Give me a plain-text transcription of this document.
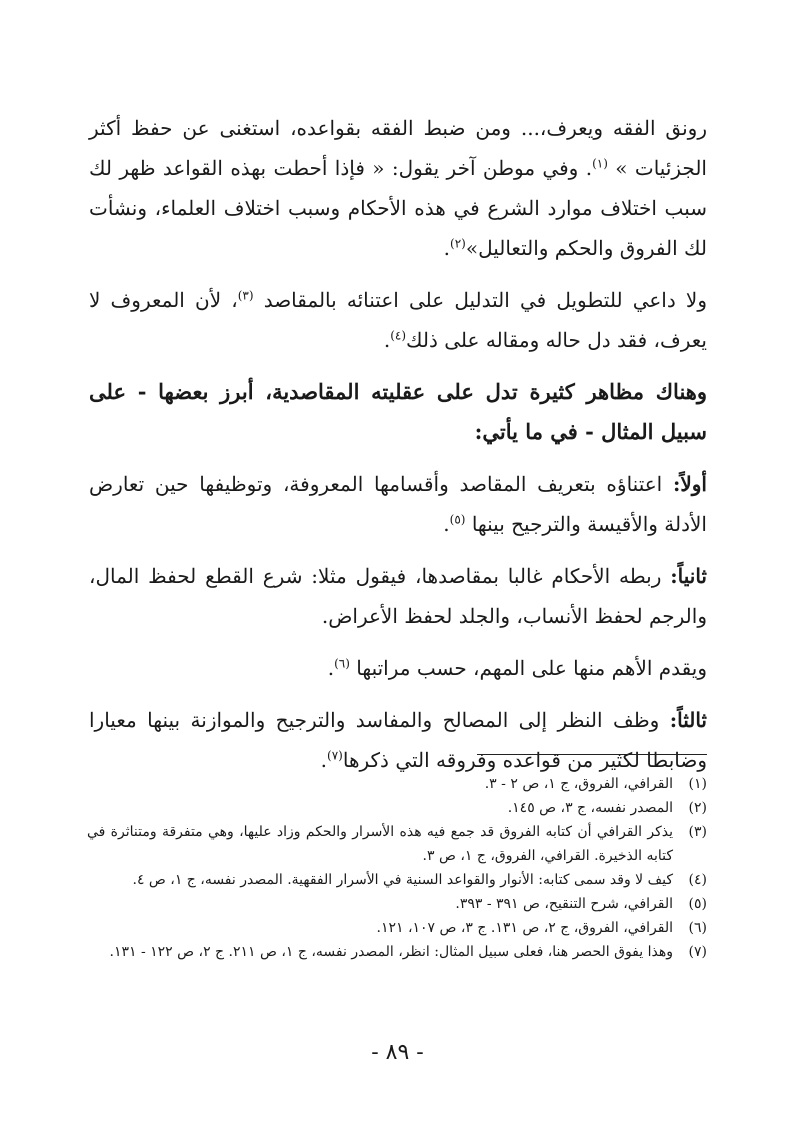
رونق الفقه ويعرف،... ومن ضبط الفقه بقواعده، استغنى عن حفظ أكثر الجزئيات » $^{(١)}$. وفي موطن آخر يقول: « فإذا أحطت بهذه القواعد ظهر لك سبب اختلاف موارد الشرع في هذه الأحكام وسبب اختلاف العلماء، ونشأت لك الفروق والحكم والتعاليل»$^{(٢)}$.

ولا داعي للتطويل في التدليل على اعتنائه بالمقاصد $^{(٣)}$، لأن المعروف لا يعرف، فقد دل حاله ومقاله على ذلك$^{(٤)}$.

وهناك مظاهر كثيرة تدل على عقليته المقاصدية، أبرز بعضها - على سبيل المثال - في ما يأتي:

أولاً: اعتناؤه بتعريف المقاصد وأقسامها المعروفة، وتوظيفها حين تعارض الأدلة والأقيسة والترجيح بينها $^{(٥)}$.

ثانياً: ربطه الأحكام غالبا بمقاصدها، فيقول مثلا: شرع القطع لحفظ المال، والرجم لحفظ الأنساب، والجلد لحفظ الأعراض.

ويقدم الأهم منها على المهم، حسب مراتبها $^{(٦)}$.

ثالثاً: وظف النظر إلى المصالح والمفاسد والترجيح والموازنة بينها معيارا وضابطا لكثير من قواعده وفروقه التي ذكرها$^{(٧)}$.

(١)
القرافي، الفروق، ج ١، ص ٢ - ٣.
(٢)
المصدر نفسه، ج ٣، ص ١٤٥.
(٣)
يذكر القرافي أن كتابه الفروق قد جمع فيه هذه الأسرار والحكم وزاد عليها، وهي متفرقة ومتناثرة في كتابه الذخيرة. القرافي، الفروق، ج ١، ص ٣.
(٤)
كيف لا وقد سمى كتابه: الأنوار والقواعد السنية في الأسرار الفقهية. المصدر نفسه، ج ١، ص ٤.
(٥)
القرافي، شرح التنقيح، ص ٣٩١ - ٣٩٣.
(٦)
القرافي، الفروق، ج ٢، ص ١٣١. ج ٣، ص ١٠٧، ١٢١.
(٧)
وهذا يفوق الحصر هنا، فعلى سبيل المثال: انظر، المصدر نفسه، ج ١، ص ٢١١. ج ٢، ص ١٢٢ - ١٣١.
- ٨٩ -
